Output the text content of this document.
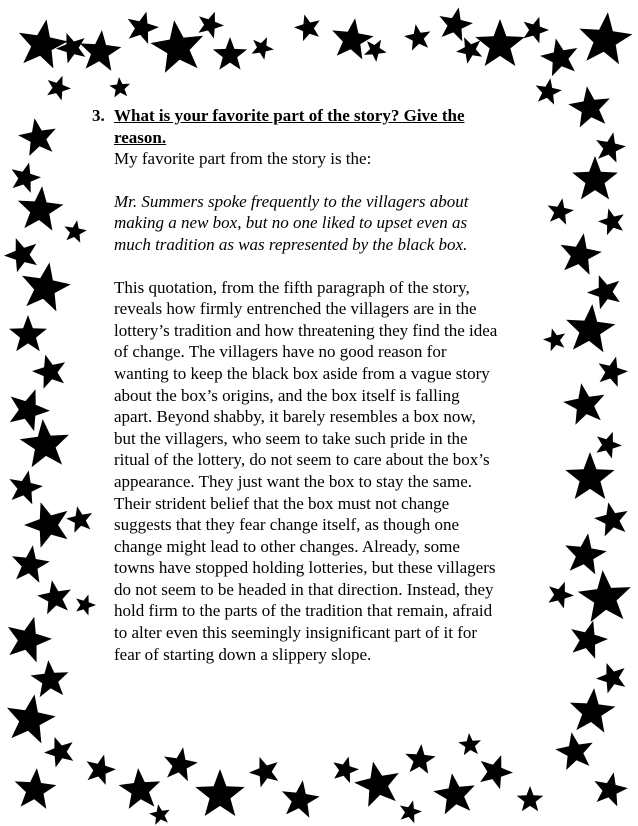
3. What is your favorite part of the story? Give the
reason.

My favorite part from the story is the:

Mr. Summers spoke frequently to the villagers about
making a new box, but no one liked to upset even as
much tradition as was represented by the black box.
This quotation, from the fifth paragraph of the story,
reveals how firmly entrenched the villagers are in the
lottery’s tradition and how threatening they find the idea
of change. The villagers have no good reason for
wanting to keep the black box aside from a vague story
about the box’s origins, and the box itself is falling
apart. Beyond shabby, it barely resembles a box now,
but the villagers, who seem to take such pride in the
ritual of the lottery, do not seem to care about the box’s
appearance. They just want the box to stay the same.
Their strident belief that the box must not change
suggests that they fear change itself, as though one
change might lead to other changes. Already, some
towns have stopped holding lotteries, but these villagers
do not seem to be headed in that direction. Instead, they
hold firm to the parts of the tradition that remain, afraid
to alter even this seemingly insignificant part of it for
fear of starting down a slippery slope.
